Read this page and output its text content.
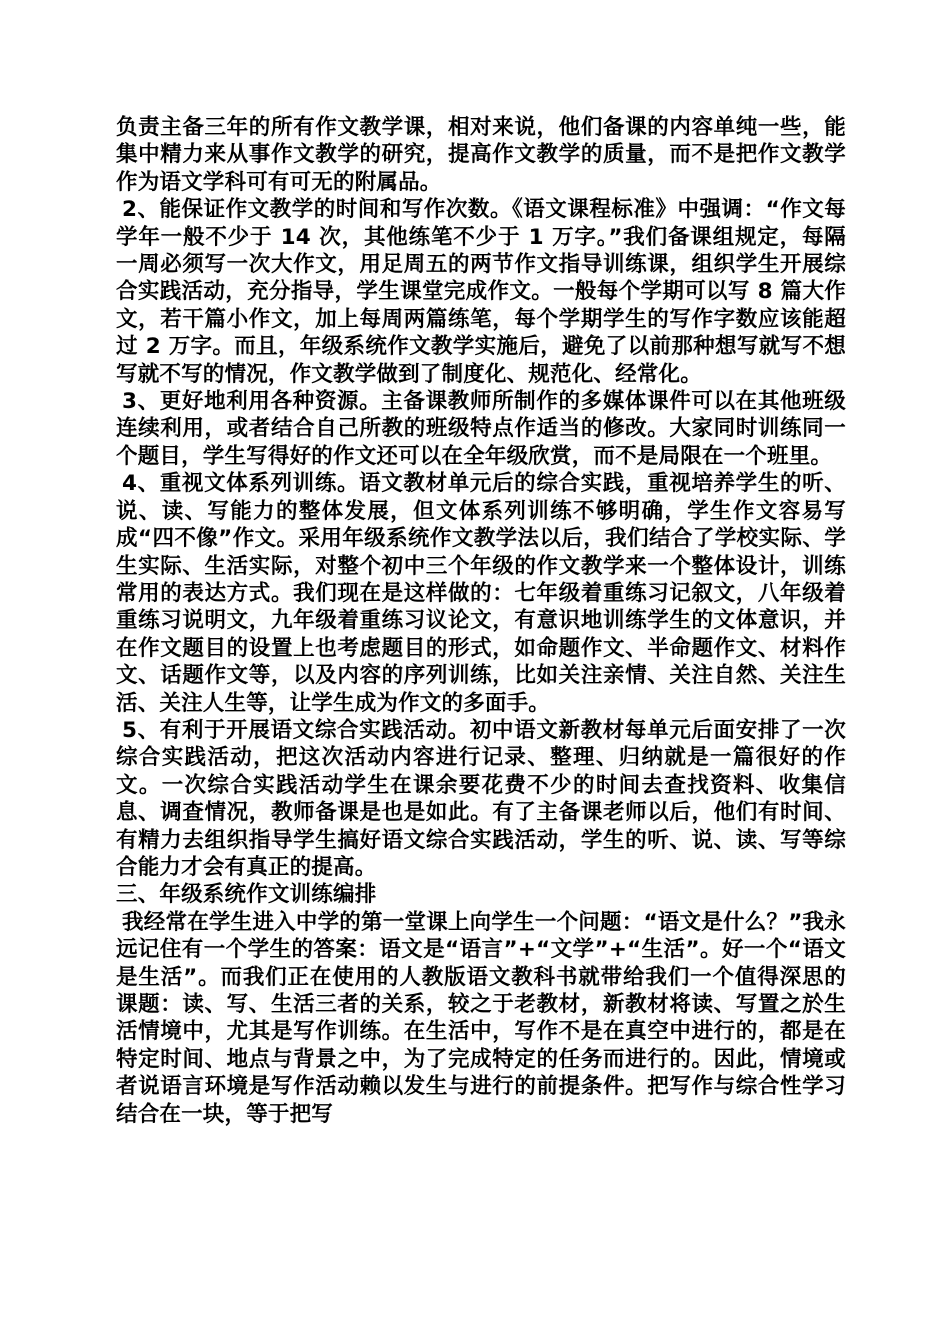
负责主备三年的所有作文教学课，相对来说，他们备课的内容单纯一些，能集中精力来从事作文教学的研究，提高作文教学的质量，而不是把作文教学作为语文学科可有可无的附属品。

2、能保证作文教学的时间和写作次数。《语文课程标准》中强调：“作文每学年一般不少于 14 次，其他练笔不少于 1 万字。”我们备课组规定，每隔一周必须写一次大作文，用足周五的两节作文指导训练课，组织学生开展综合实践活动，充分指导，学生课堂完成作文。一般每个学期可以写 8 篇大作文，若干篇小作文，加上每周两篇练笔，每个学期学生的写作字数应该能超过 2 万字。而且，年级系统作文教学实施后，避免了以前那种想写就写不想写就不写的情况，作文教学做到了制度化、规范化、经常化。

3、更好地利用各种资源。主备课教师所制作的多媒体课件可以在其他班级连续利用，或者结合自己所教的班级特点作适当的修改。大家同时训练同一个题目，学生写得好的作文还可以在全年级欣赏，而不是局限在一个班里。

4、重视文体系列训练。语文教材单元后的综合实践，重视培养学生的听、说、读、写能力的整体发展，但文体系列训练不够明确，学生作文容易写成“四不像”作文。采用年级系统作文教学法以后，我们结合了学校实际、学生实际、生活实际，对整个初中三个年级的作文教学来一个整体设计，训练常用的表达方式。我们现在是这样做的：七年级着重练习记叙文，八年级着重练习说明文，九年级着重练习议论文，有意识地训练学生的文体意识，并在作文题目的设置上也考虑题目的形式，如命题作文、半命题作文、材料作文、话题作文等，以及内容的序列训练，比如关注亲情、关注自然、关注生活、关注人生等，让学生成为作文的多面手。

5、有利于开展语文综合实践活动。初中语文新教材每单元后面安排了一次综合实践活动，把这次活动内容进行记录、整理、归纳就是一篇很好的作文。一次综合实践活动学生在课余要花费不少的时间去查找资料、收集信息、调查情况，教师备课是也是如此。有了主备课老师以后，他们有时间、有精力去组织指导学生搞好语文综合实践活动，学生的听、说、读、写等综合能力才会有真正的提高。

三、年级系统作文训练编排

我经常在学生进入中学的第一堂课上向学生一个问题：“语文是什么？”我永远记住有一个学生的答案：语文是“语言”+“文学”+“生活”。好一个“语文是生活”。而我们正在使用的人教版语文教科书就带给我们一个值得深思的课题：读、写、生活三者的关系，较之于老教材，新教材将读、写置之於生活情境中，尤其是写作训练。在生活中，写作不是在真空中进行的，都是在特定时间、地点与背景之中，为了完成特定的任务而进行的。因此，情境或者说语言环境是写作活动赖以发生与进行的前提条件。把写作与综合性学习结合在一块，等于把写
